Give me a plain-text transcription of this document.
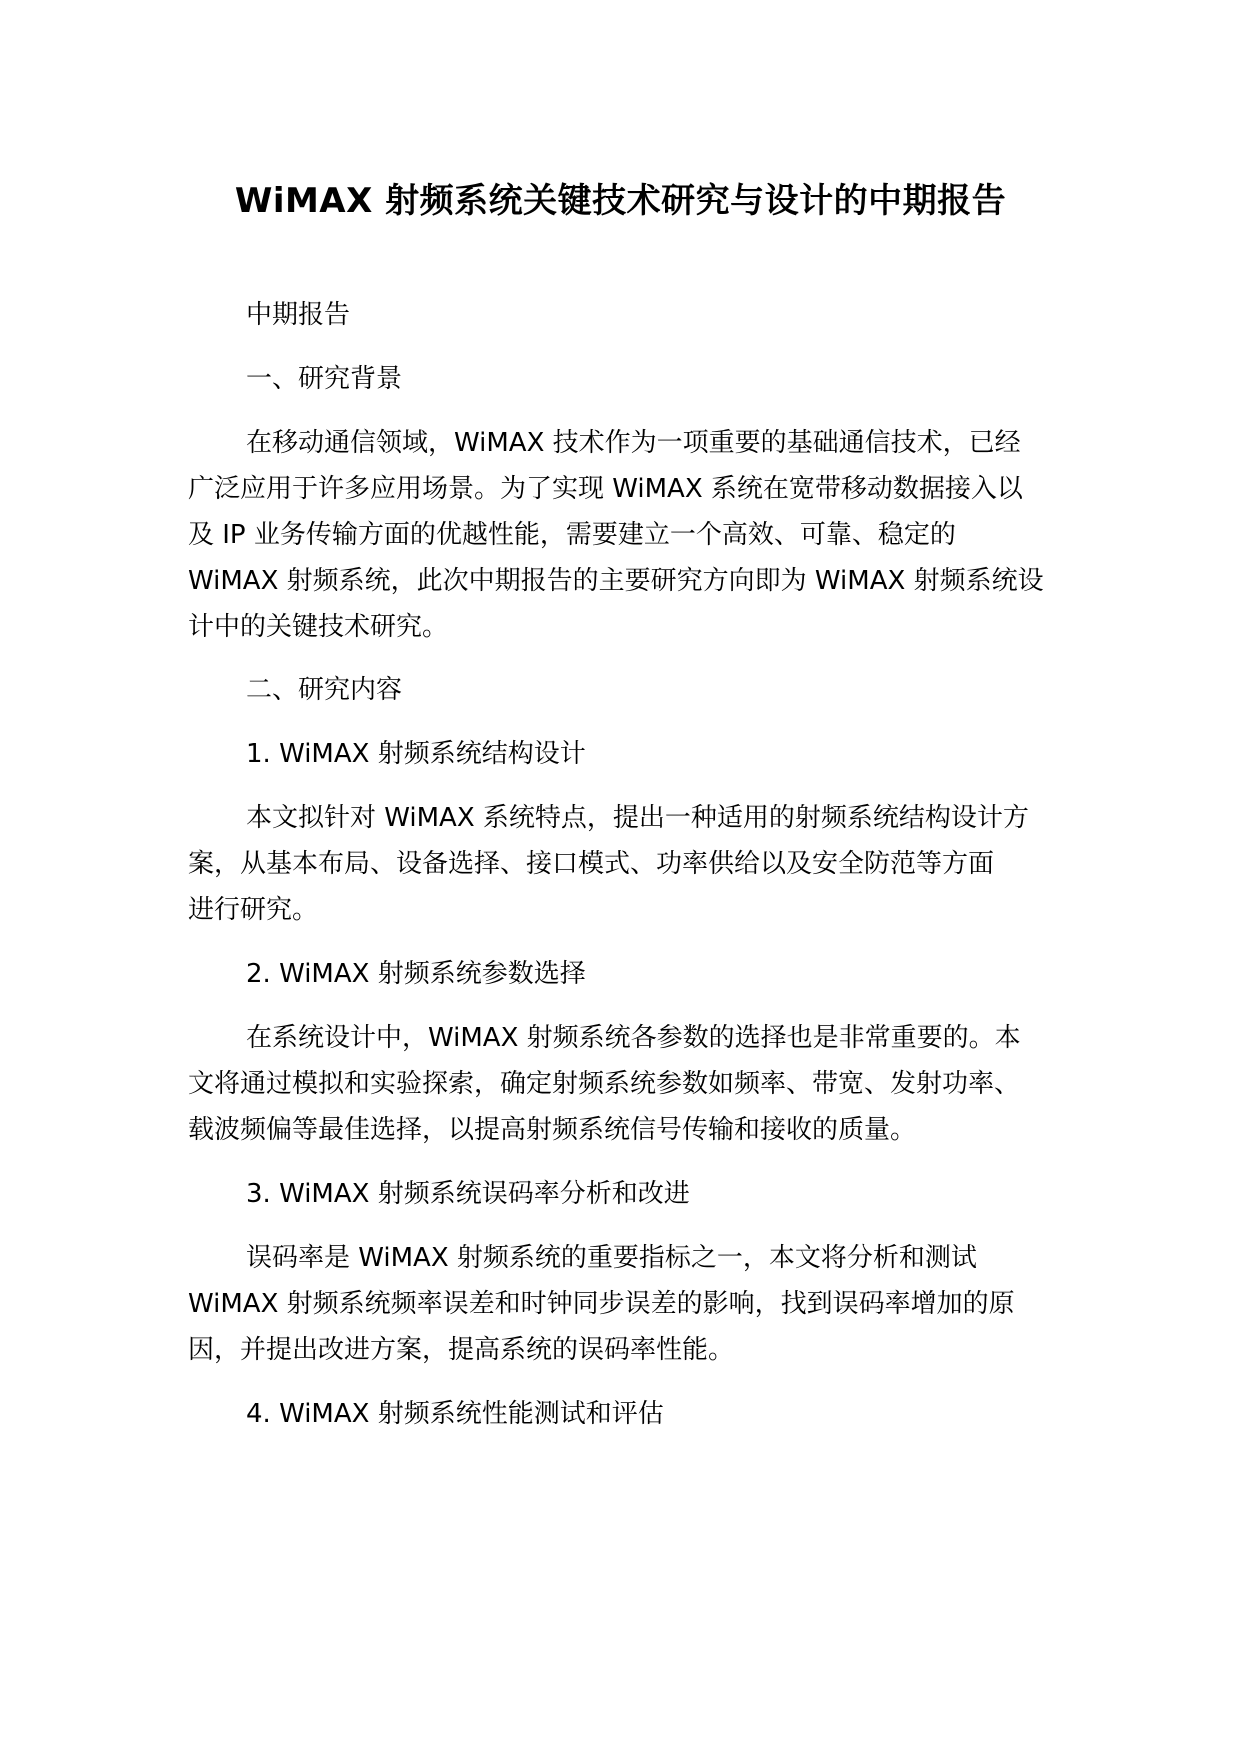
WiMAX 射频系统关键技术研究与设计的中期报告
中期报告
一、研究背景
在移动通信领域，WiMAX 技术作为一项重要的基础通信技术，已经
广泛应用于许多应用场景。为了实现 WiMAX 系统在宽带移动数据接入以
及 IP 业务传输方面的优越性能，需要建立一个高效、可靠、稳定的
WiMAX 射频系统，此次中期报告的主要研究方向即为 WiMAX 射频系统设
计中的关键技术研究。
二、研究内容
1. WiMAX 射频系统结构设计
本文拟针对 WiMAX 系统特点，提出一种适用的射频系统结构设计方
案，从基本布局、设备选择、接口模式、功率供给以及安全防范等方面
进行研究。
2. WiMAX 射频系统参数选择
在系统设计中，WiMAX 射频系统各参数的选择也是非常重要的。本
文将通过模拟和实验探索，确定射频系统参数如频率、带宽、发射功率、
载波频偏等最佳选择，以提高射频系统信号传输和接收的质量。
3. WiMAX 射频系统误码率分析和改进
误码率是 WiMAX 射频系统的重要指标之一，本文将分析和测试
WiMAX 射频系统频率误差和时钟同步误差的影响，找到误码率增加的原
因，并提出改进方案，提高系统的误码率性能。
4. WiMAX 射频系统性能测试和评估
